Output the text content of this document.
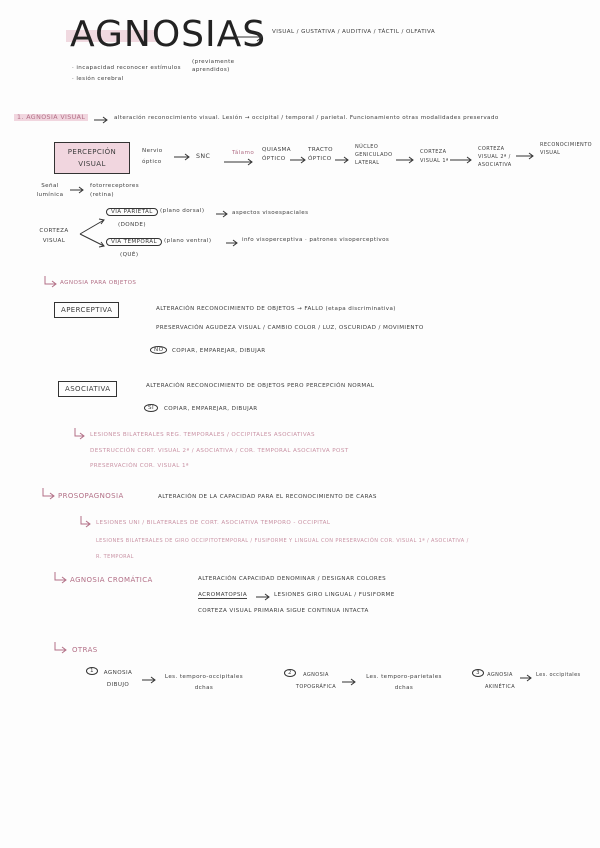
AGNOSIAS VISUAL / GUSTATIVA / AUDITIVA / TÁCTIL / OLFATIVA
· incapacidad reconocer estímulos
(previamente aprendidos)
· lesión cerebral
1. AGNOSIA VISUAL	alteración reconocimiento visual. Lesión → occipital / temporal / parietal. Funcionamiento otras modalidades preservado
PERCEPCIÓN VISUAL
Nervio óptico
SNC	Tálamo QUIASMA ÓPTICO
TRACTO ÓPTICO
NÚCLEO GENICULADO LATERAL
CORTEZA VISUAL 1ª
CORTEZA VISUAL 2ª / ASOCIATIVA
RECONOCIMIENTO VISUAL
Señal lumínica
fotorreceptores (retina)
CORTEZA VISUAL
VÍA PARIETAL	(plano dorsal)
(DONDE)
aspectos visoespaciales
VÍA TEMPORAL	(plano ventral)
(QUÉ)
info visoperceptiva · patrones visoperceptivos
AGNOSIA PARA OBJETOS
APERCEPTIVA	ALTERACIÓN RECONOCIMIENTO DE OBJETOS → FALLO (etapa discriminativa)
PRESERVACIÓN AGUDEZA VISUAL / CAMBIO COLOR / LUZ, OSCURIDAD / MOVIMIENTO
NO	COPIAR, EMPAREJAR, DIBUJAR
ASOCIATIVA	ALTERACIÓN RECONOCIMIENTO DE OBJETOS PERO PERCEPCIÓN NORMAL
SÍ	COPIAR, EMPAREJAR, DIBUJAR
LESIONES BILATERALES REG. TEMPORALES / OCCIPITALES ASOCIATIVAS
DESTRUCCIÓN CORT. VISUAL 2ª / ASOCIATIVA / COR. TEMPORAL ASOCIATIVA POST
PRESERVACIÓN COR. VISUAL 1ª
PROSOPAGNOSIA	ALTERACIÓN DE LA CAPACIDAD PARA EL RECONOCIMIENTO DE CARAS
LESIONES UNI / BILATERALES DE CORT. ASOCIATIVA TEMPORO - OCCIPITAL
LESIONES BILATERALES DE GIRO OCCIPITOTEMPORAL / FUSIFORME Y LINGUAL CON PRESERVACIÓN COR. VISUAL 1ª / ASOCIATIVA /
R. TEMPORAL
AGNOSIA CROMÁTICA	ALTERACIÓN CAPACIDAD DENOMINAR / DESIGNAR COLORES
ACROMATOPSIA	LESIONES GIRO LINGUAL / FUSIFORME
CORTEZA VISUAL PRIMARIA SIGUE CONTINUA INTACTA
OTRAS
1	AGNOSIA DIBUJO
Les. temporo-occipitales dchas
2	AGNOSIA TOPOGRÁFICA
Les. temporo-parietales dchas
3	AGNOSIA AKINÉTICA
Les. occipitales
